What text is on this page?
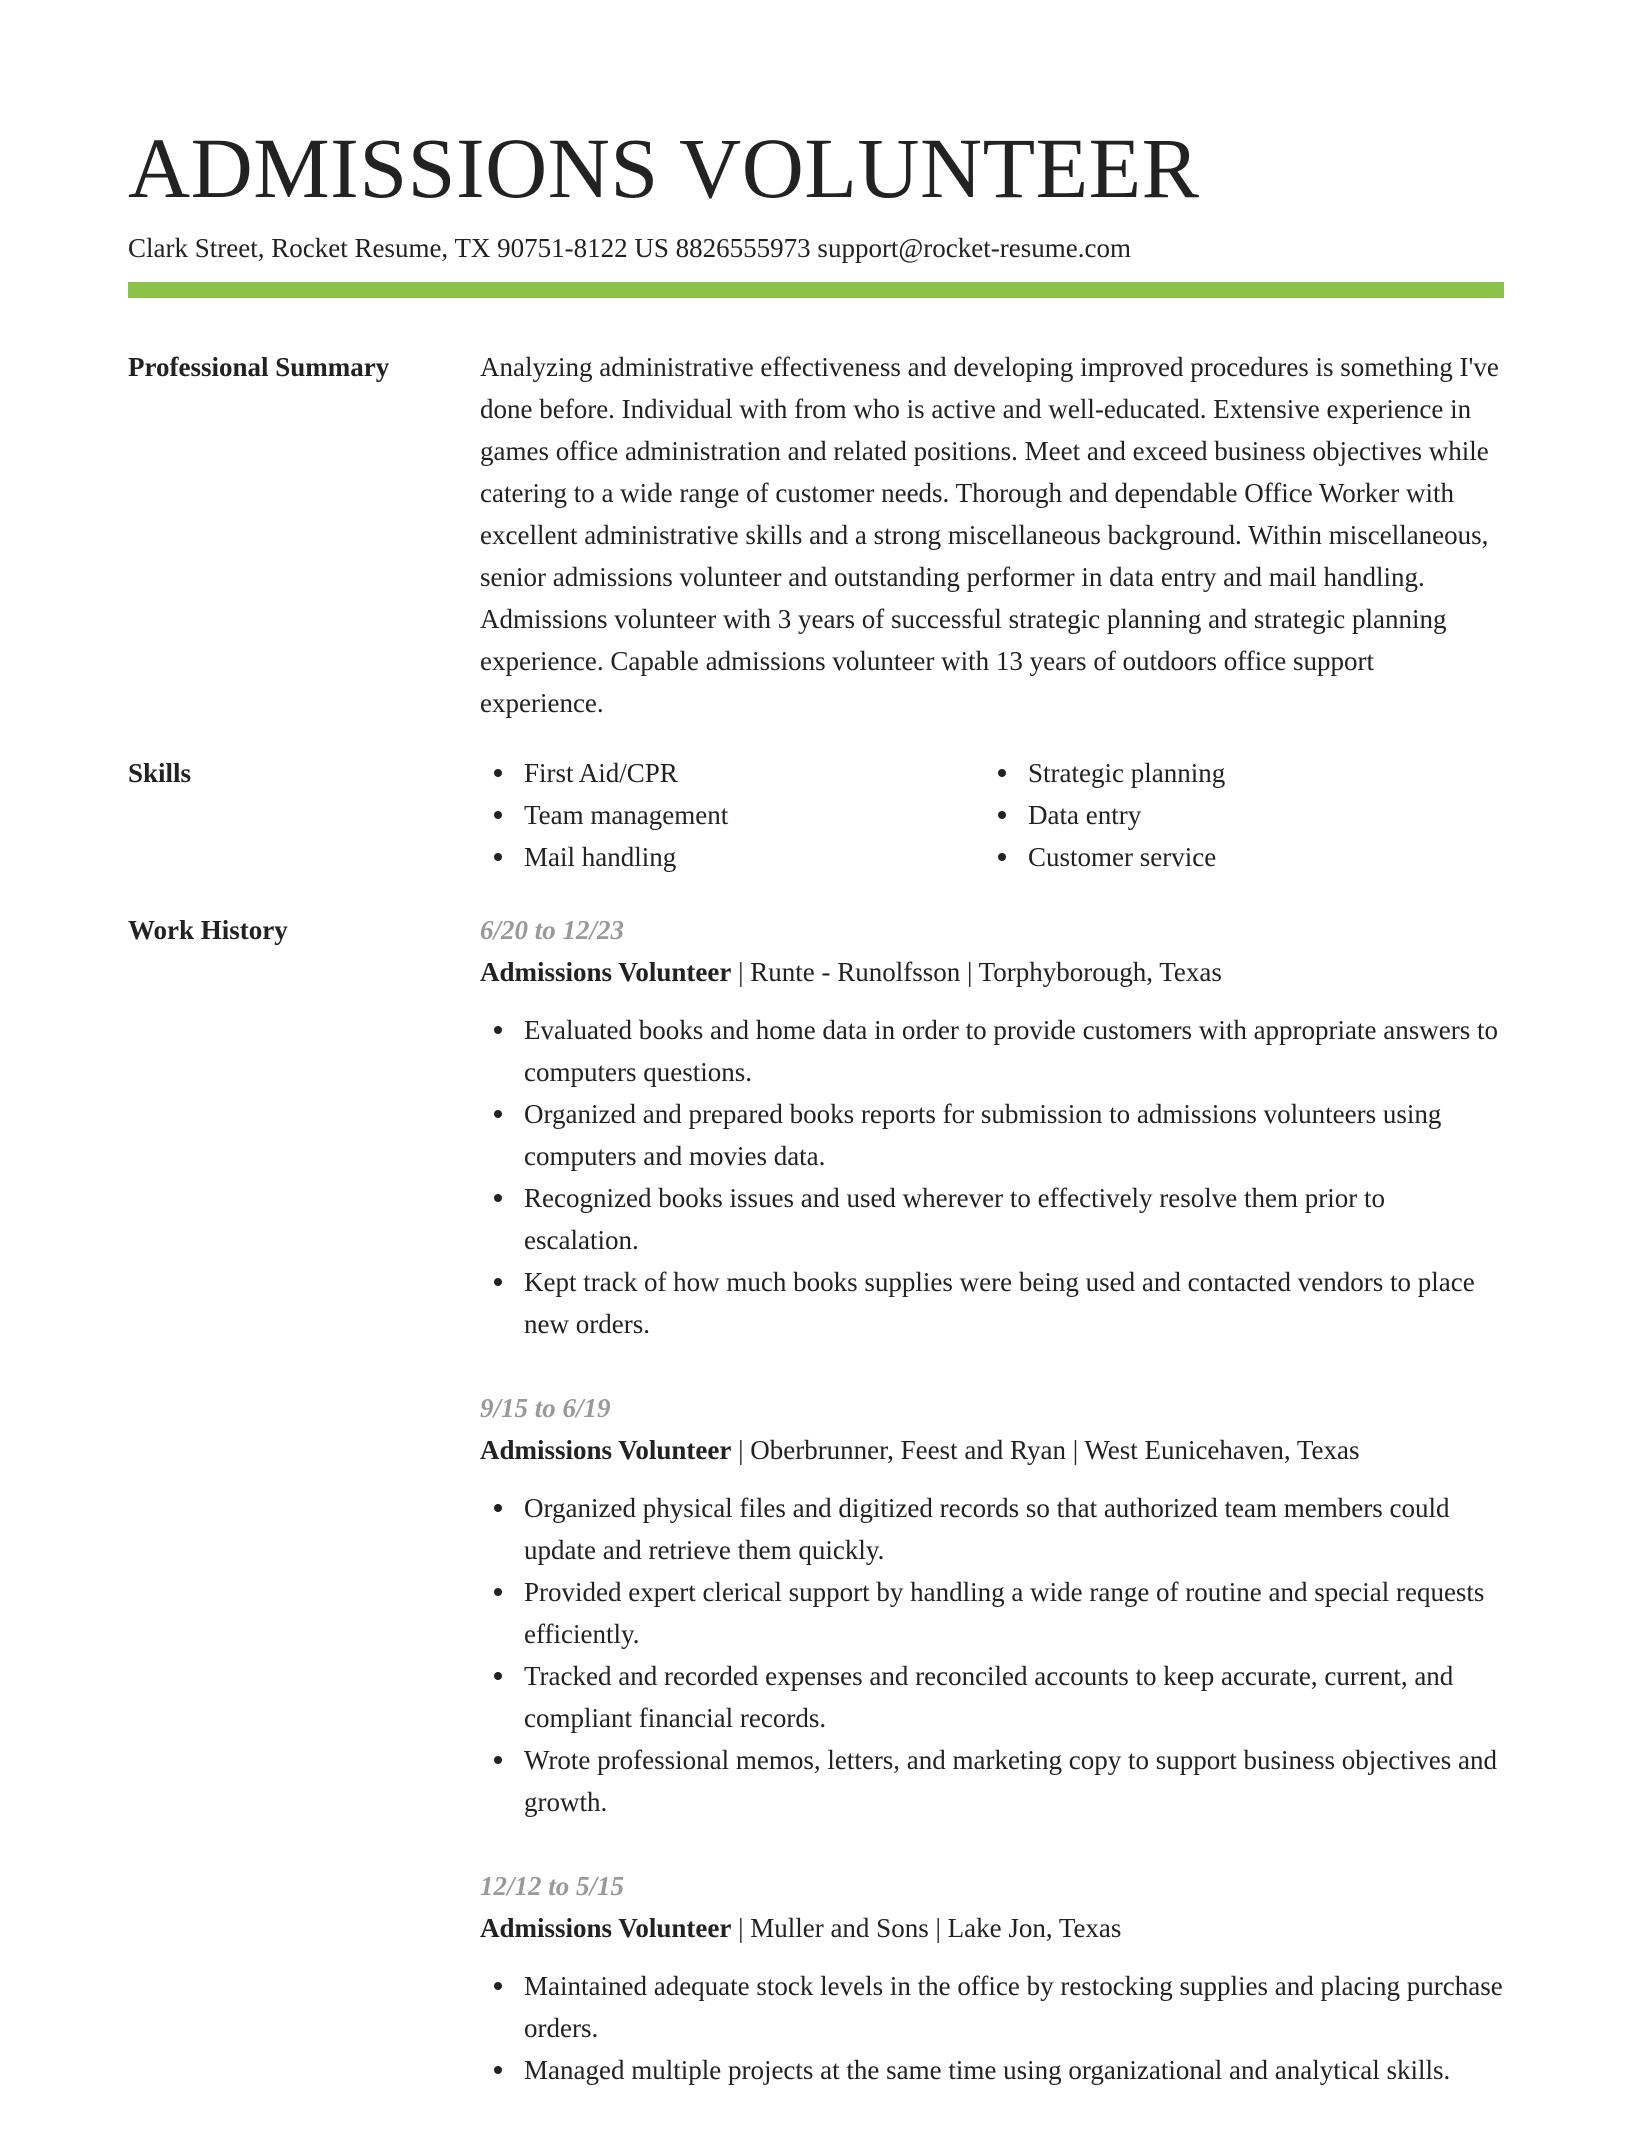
ADMISSIONS VOLUNTEER
Clark Street, Rocket Resume, TX 90751-8122 US 8826555973 support@rocket-resume.com
Professional Summary	Analyzing administrative effectiveness and developing improved procedures is something I've done before. Individual with from who is active and well-educated. Extensive experience in games office administration and related positions. Meet and exceed business objectives while catering to a wide range of customer needs. Thorough and dependable Office Worker with excellent administrative skills and a strong miscellaneous background. Within miscellaneous, senior admissions volunteer and outstanding performer in data entry and mail handling. Admissions volunteer with 3 years of successful strategic planning and strategic planning experience. Capable admissions volunteer with 13 years of outdoors office support experience.

Skills	First Aid/CPR
Team management
Mail handling
Strategic planning
Data entry
Customer service
Work History	6/20 to 12/23
Admissions Volunteer | Runte - Runolfsson | Torphyborough, Texas
Evaluated books and home data in order to provide customers with appropriate answers to computers questions.
Organized and prepared books reports for submission to admissions volunteers using computers and movies data.
Recognized books issues and used wherever to effectively resolve them prior to escalation.
Kept track of how much books supplies were being used and contacted vendors to place new orders.
9/15 to 6/19
Admissions Volunteer | Oberbrunner, Feest and Ryan | West Eunicehaven, Texas
Organized physical files and digitized records so that authorized team members could update and retrieve them quickly.
Provided expert clerical support by handling a wide range of routine and special requests efficiently.
Tracked and recorded expenses and reconciled accounts to keep accurate, current, and compliant financial records.
Wrote professional memos, letters, and marketing copy to support business objectives and growth.
12/12 to 5/15
Admissions Volunteer | Muller and Sons | Lake Jon, Texas
Maintained adequate stock levels in the office by restocking supplies and placing purchase orders.
Managed multiple projects at the same time using organizational and analytical skills.
